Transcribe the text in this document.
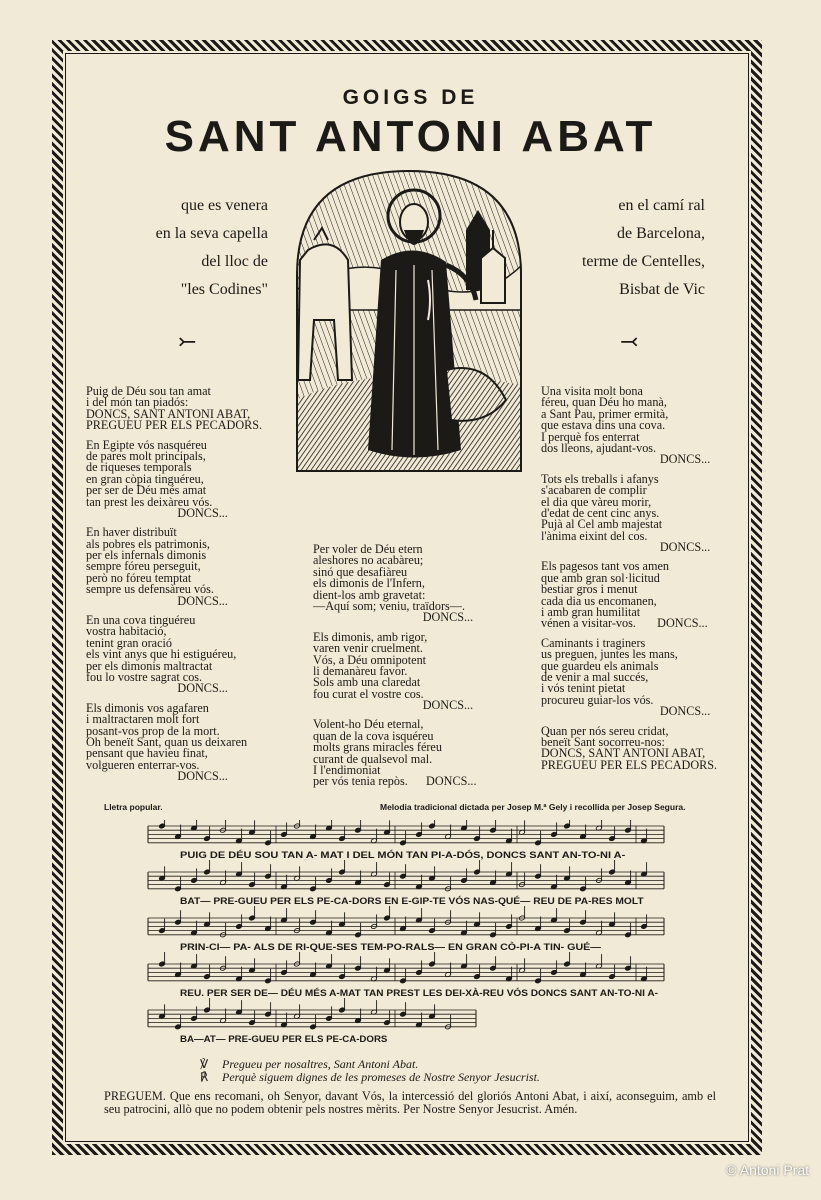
GOIGS DE
SANT ANTONI ABAT
que es venera
en la seva capella
del lloc de
"les Codines"
en el camí ral
de Barcelona,
terme de Centelles,
Bisbat de Vic
⤚	⤙
Puig de Déu sou tan amat
i del món tan piadós:
DONCS, SANT ANTONI ABAT,
PREGUEU PER ELS PECADORS.
En Egipte vós nasquéreu
de pares molt principals,
de riqueses temporals
en gran còpia tinguéreu,
per ser de Déu més amat
tan prest les deixàreu vós.
DONCS...
En haver distribuït
als pobres els patrimonis,
per els infernals dimonis
sempre fóreu perseguit,
però no fóreu temptat
sempre us defensàreu vós.
DONCS...
En una cova tinguéreu
vostra habitació,
tenint gran oració
els vint anys que hi estiguéreu,
per els dimonis maltractat
fou lo vostre sagrat cos.
DONCS...
Els dimonis vos agafaren
i maltractaren molt fort
posant-vos prop de la mort.
Oh beneït Sant, quan us deixaren
pensant que havieu finat,
volgueren enterrar-vos.
DONCS...
Per voler de Déu etern
aleshores no acabàreu;
sinó que desafiàreu
els dimonis de l'Infern,
dient-los amb gravetat:
—Aquí som; veniu, traïdors—.
DONCS...
Els dimonis, amb rigor,
varen venir cruelment.
Vós, a Déu omnipotent
li demanàreu favor.
Sols amb una claredat
fou curat el vostre cos.
DONCS...
Volent-ho Déu eternal,
quan de la cova isquéreu
molts grans miracles féreu
curant de qualsevol mal.
I l'endimoniat
per vós tenia repòs.      DONCS...
Una visita molt bona
féreu, quan Déu ho manà,
a Sant Pau, primer ermità,
que estava dins una cova.
I perquè fos enterrat
dos lleons, ajudant-vos.
DONCS...
Tots els treballs i afanys
s'acabaren de complir
el dia que vàreu morir,
d'edat de cent cinc anys.
Pujà al Cel amb majestat
l'ànima eixint del cos.
DONCS...
Els pagesos tant vos amen
que amb gran sol·licitud
bestiar gros i menut
cada dia us encomanen,
i amb gran humilitat
vénen a visitar-vos.       DONCS...
Caminants i traginers
us preguen, juntes les mans,
que guardeu els animals
de venir a mal succés,
i vós tenint pietat
procureu guiar-los vós.
DONCS...
Quan per nós sereu cridat,
beneït Sant socorreu-nos:
DONCS, SANT ANTONI ABAT,
PREGUEU PER ELS PECADORS.
Lletra popular.	Melodia tradicional dictada per Josep M.ª Gely i recollida per Josep Segura.
PUIG DE DÉU SOU TAN A- MAT I DEL MÓN TAN PI-A-DÓS, DONCS SANT AN-TO-NI A-
BAT— PRE-GUEU PER ELS PE-CA-DORS EN E-GIP-TE VÓS NAS-QUÉ— REU DE PA-RES MOLT
PRIN-CI— PA- ALS DE RI-QUE-SES TEM-PO-RALS— EN GRAN CÒ-PI-A TIN- GUÉ—
REU. PER SER DE— DÉU MÉS A-MAT TAN PREST LES DEI-XÀ-REU VÓS DONCS SANT AN-TO-NI A-
BA—AT— PRE-GUEU PER ELS PE-CA-DORS
℣ Pregueu per nosaltres, Sant Antoni Abat.
℟ Perquè siguem dignes de les promeses de Nostre Senyor Jesucrist.
PREGUEM. Que ens recomani, oh Senyor, davant Vós, la intercessió del gloriós Antoni Abat, i així, aconseguim, amb el seu patrocini, allò que no podem obtenir pels nostres mèrits. Per Nostre Senyor Jesucrist. Amén.
© Antoni Prat
